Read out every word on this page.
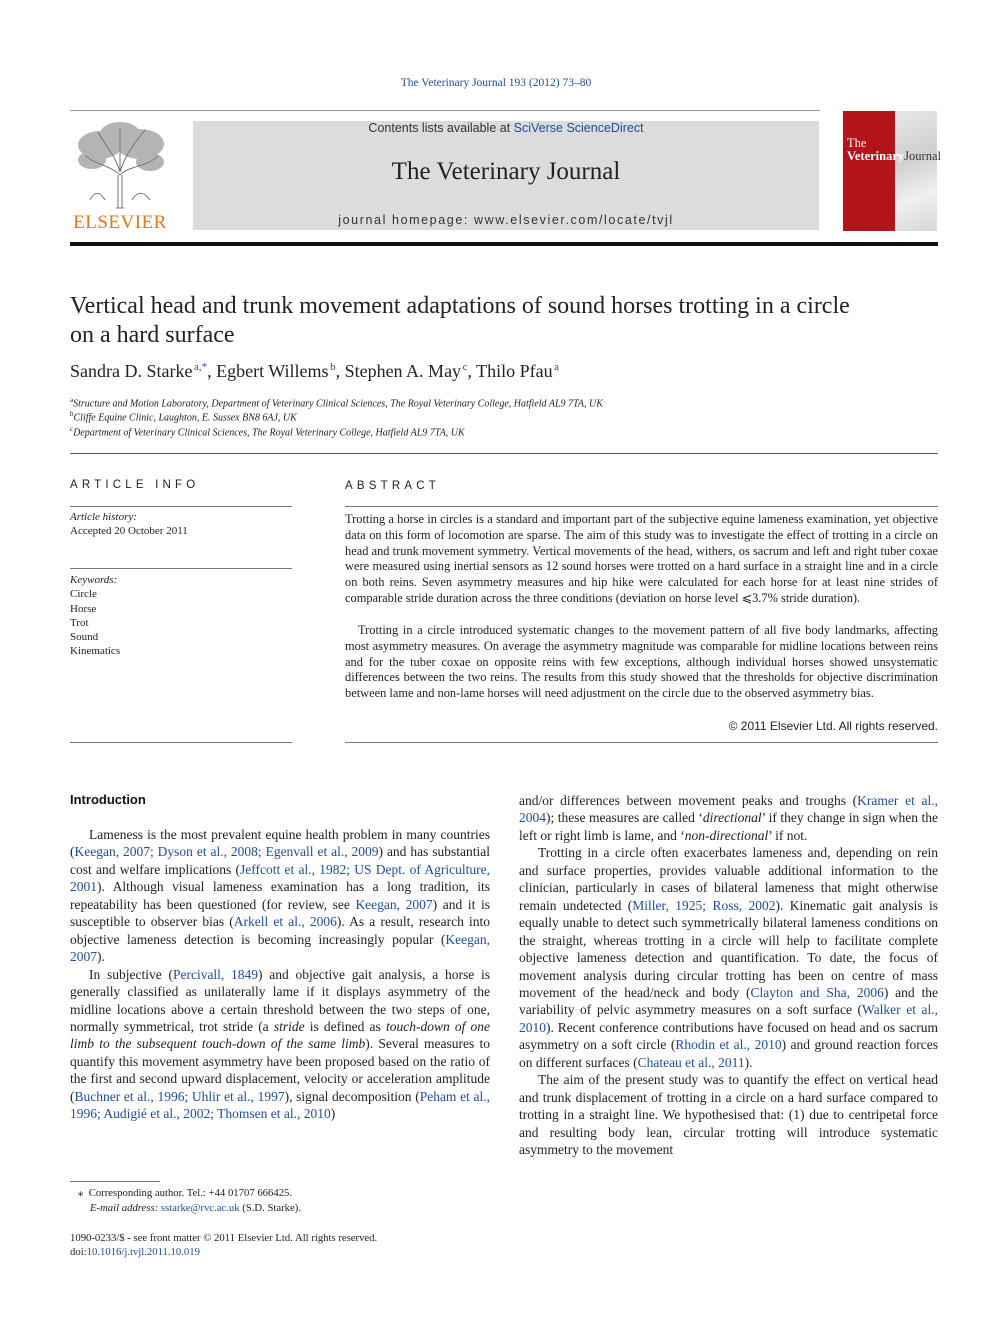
The Veterinary Journal 193 (2012) 73–80
ELSEVIER
Contents lists available at SciVerse ScienceDirect
The Veterinary Journal
journal homepage: www.elsevier.com/locate/tvjl
The
VeterinaryJournal
Vertical head and trunk movement adaptations of sound horses trotting in a circle on a hard surface
Sandra D. Starke  $^{a,*}$, Egbert Willems  $^b$, Stephen A. May  $^c$, Thilo Pfau  $^a$
$^a$Structure and Motion Laboratory, Department of Veterinary Clinical Sciences, The Royal Veterinary College, Hatfield AL9 7TA, UK
$^b$Cliffe Equine Clinic, Laughton, E. Sussex BN8 6AJ, UK
$^c$Department of Veterinary Clinical Sciences, The Royal Veterinary College, Hatfield AL9 7TA, UK
ARTICLE INFO	ABSTRACT
Article history:
Accepted 20 October 2011
Keywords:
Circle
Horse
Trot
Sound
Kinematics
Trotting a horse in circles is a standard and important part of the subjective equine lameness examination, yet objective data on this form of locomotion are sparse. The aim of this study was to investigate the effect of trotting in a circle on head and trunk movement symmetry. Vertical movements of the head, withers, os sacrum and left and right tuber coxae were measured using inertial sensors as 12 sound horses were trotted on a hard surface in a straight line and in a circle on both reins. Seven asymmetry measures and hip hike were calculated for each horse for at least nine strides of comparable stride duration across the three conditions (deviation on horse level ⩽3.7% stride duration).
Trotting in a circle introduced systematic changes to the movement pattern of all five body landmarks, affecting most asymmetry measures. On average the asymmetry magnitude was comparable for midline locations between reins and for the tuber coxae on opposite reins with few exceptions, although individual horses showed unsystematic differences between the two reins. The results from this study showed that the thresholds for objective discrimination between lame and non-lame horses will need adjustment on the circle due to the observed asymmetry bias.
© 2011 Elsevier Ltd. All rights reserved.
Introduction

Lameness is the most prevalent equine health problem in many countries (Keegan, 2007; Dyson et al., 2008; Egenvall et al., 2009) and has substantial cost and welfare implications (Jeffcott et al., 1982; US Dept. of Agriculture, 2001). Although visual lameness examination has a long tradition, its repeatability has been questioned (for review, see Keegan, 2007) and it is susceptible to observer bias (Arkell et al., 2006). As a result, research into objective lameness detection is becoming increasingly popular (Keegan, 2007).

In subjective (Percivall, 1849) and objective gait analysis, a horse is generally classified as unilaterally lame if it displays asymmetry of the midline locations above a certain threshold between the two steps of one, normally symmetrical, trot stride (a stride is defined as touch-down of one limb to the subsequent touch-down of the same limb). Several measures to quantify this movement asymmetry have been proposed based on the ratio of the first and second upward displacement, velocity or acceleration amplitude (Buchner et al., 1996; Uhlir et al., 1997), signal decomposition (Peham et al., 1996; Audigié et al., 2002; Thomsen et al., 2010)

and/or differences between movement peaks and troughs (Kramer et al., 2004); these measures are called ‘directional’ if they change in sign when the left or right limb is lame, and ‘non-directional’ if not.

Trotting in a circle often exacerbates lameness and, depending on rein and surface properties, provides valuable additional information to the clinician, particularly in cases of bilateral lameness that might otherwise remain undetected (Miller, 1925; Ross, 2002). Kinematic gait analysis is equally unable to detect such symmetrically bilateral lameness conditions on the straight, whereas trotting in a circle will help to facilitate complete objective lameness detection and quantification. To date, the focus of movement analysis during circular trotting has been on centre of mass movement of the head/neck and body (Clayton and Sha, 2006) and the variability of pelvic asymmetry measures on a soft surface (Walker et al., 2010). Recent conference contributions have focused on head and os sacrum asymmetry on a soft circle (Rhodin et al., 2010) and ground reaction forces on different surfaces (Chateau et al., 2011).

The aim of the present study was to quantify the effect on vertical head and trunk displacement of trotting in a circle on a hard surface compared to trotting in a straight line. We hypothesised that: (1) due to centripetal force and resulting body lean, circular trotting will introduce systematic asymmetry to the movement

⁎ Corresponding author. Tel.: +44 01707 666425.
E-mail address: sstarke@rvc.ac.uk (S.D. Starke).
1090-0233/$ - see front matter © 2011 Elsevier Ltd. All rights reserved.
doi:10.1016/j.tvjl.2011.10.019
